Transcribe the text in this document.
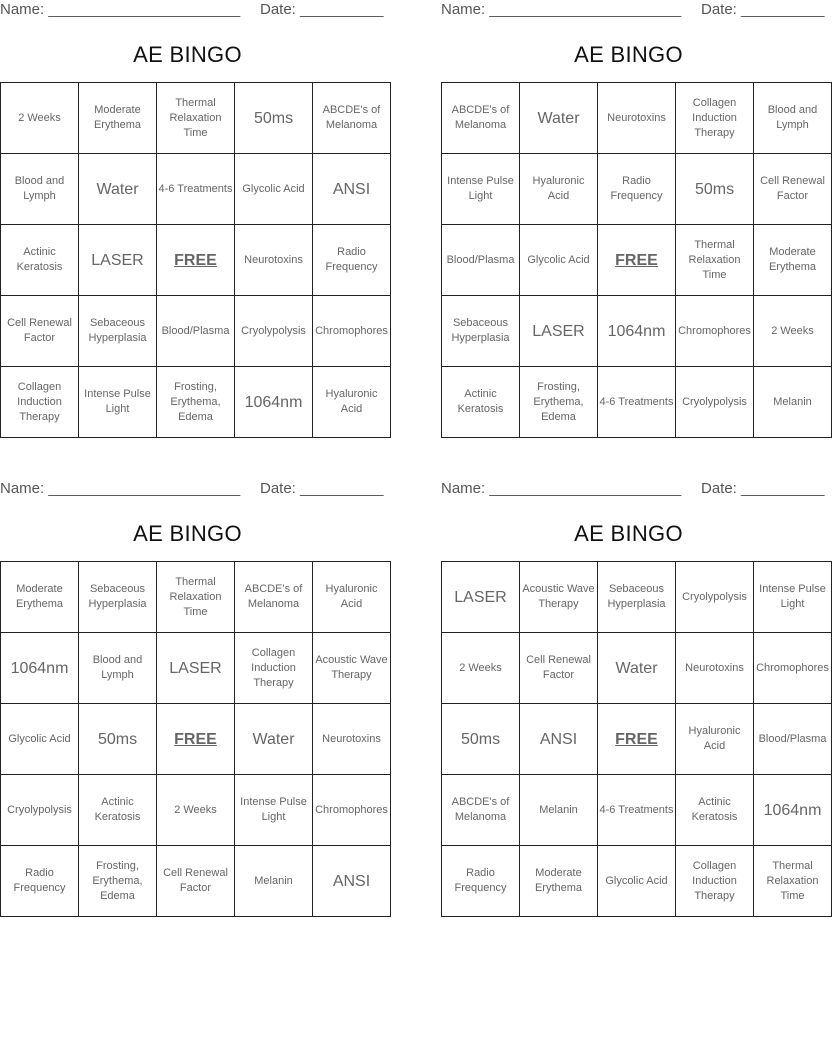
Name: _______________________ Date: __________
AE BINGO
2 Weeks	Moderate Erythema	Thermal Relaxation Time	50ms	ABCDE's of Melanoma
Blood and Lymph	Water	4-6 Treatments	Glycolic Acid	ANSI
Actinic Keratosis	LASER	FREE	Neurotoxins	Radio Frequency
Cell Renewal Factor	Sebaceous Hyperplasia	Blood/Plasma	Cryolypolysis	Chromophores
Collagen Induction Therapy	Intense Pulse Light	Frosting, Erythema, Edema	1064nm	Hyaluronic Acid
Name: _______________________ Date: __________
AE BINGO
ABCDE's of Melanoma	Water	Neurotoxins	Collagen Induction Therapy	Blood and Lymph
Intense Pulse Light	Hyaluronic Acid	Radio Frequency	50ms	Cell Renewal Factor
Blood/Plasma	Glycolic Acid	FREE	Thermal Relaxation Time	Moderate Erythema
Sebaceous Hyperplasia	LASER	1064nm	Chromophores	2 Weeks
Actinic Keratosis	Frosting, Erythema, Edema	4-6 Treatments	Cryolypolysis	Melanin
Name: _______________________ Date: __________
AE BINGO
Moderate Erythema	Sebaceous Hyperplasia	Thermal Relaxation Time	ABCDE's of Melanoma	Hyaluronic Acid
1064nm	Blood and Lymph	LASER	Collagen Induction Therapy	Acoustic Wave Therapy
Glycolic Acid	50ms	FREE	Water	Neurotoxins
Cryolypolysis	Actinic Keratosis	2 Weeks	Intense Pulse Light	Chromophores
Radio Frequency	Frosting, Erythema, Edema	Cell Renewal Factor	Melanin	ANSI
Name: _______________________ Date: __________
AE BINGO
LASER	Acoustic Wave Therapy	Sebaceous Hyperplasia	Cryolypolysis	Intense Pulse Light
2 Weeks	Cell Renewal Factor	Water	Neurotoxins	Chromophores
50ms	ANSI	FREE	Hyaluronic Acid	Blood/Plasma
ABCDE's of Melanoma	Melanin	4-6 Treatments	Actinic Keratosis	1064nm
Radio Frequency	Moderate Erythema	Glycolic Acid	Collagen Induction Therapy	Thermal Relaxation Time
